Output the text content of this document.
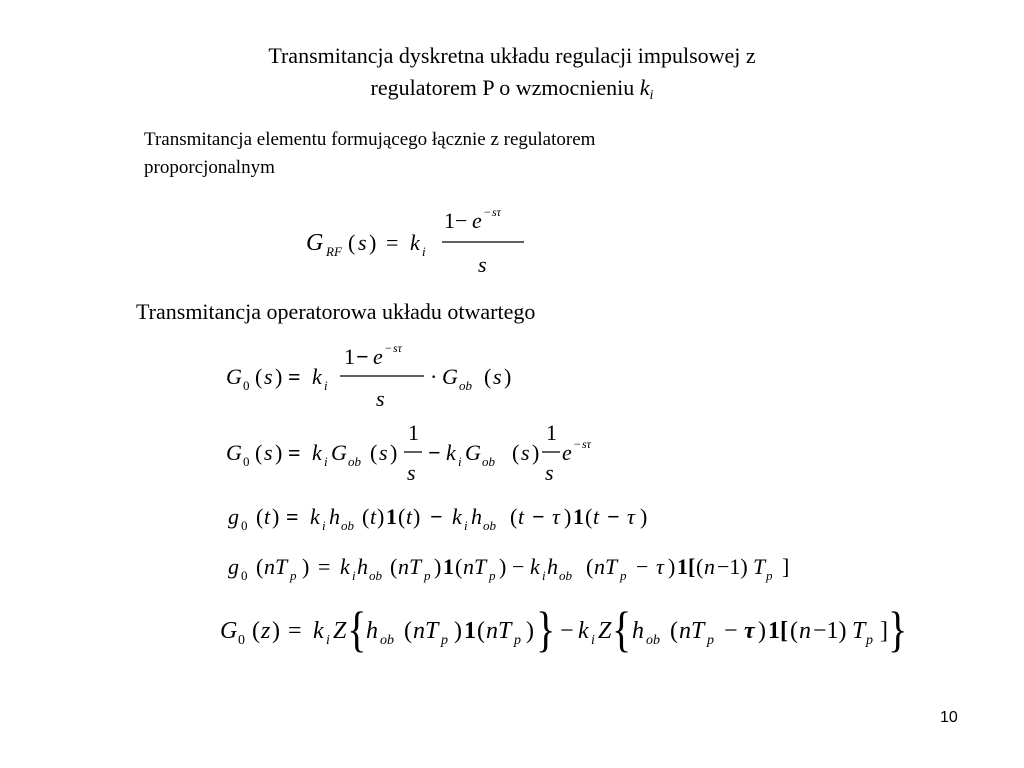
Transmitancja dyskretna układu regulacji impulsowej z
regulatorem P o wzmocnieniu $k_i$
Transmitancja elementu formującego łącznie z regulatorem proporcjonalnym
G RF ( s ) = k i
1 − e − sτ
s
Transmitancja operatorowa układu otwartego
G 0 ( s ) = k i
1 − e − sτ
s
· G ob ( s )
G 0 ( s ) = k i G ob ( s )
1
s
− k i G ob ( s )
1
s
e − sτ
g 0 ( t ) = k i h ob ( t ) 1 ( t ) − k i h ob ( t − τ ) 1 ( t − τ )
g 0 ( nT p ) = k i h ob ( nT p ) 1 ( nT p ) − k i h ob ( nT p − τ ) 1[ ( n −1) T p ]
G 0 ( z ) = k i Z { h ob ( nT p ) 1 ( nT p ) } − k i Z { h ob ( nT p − τ ) 1[ ( n −1) T p ] }
10
